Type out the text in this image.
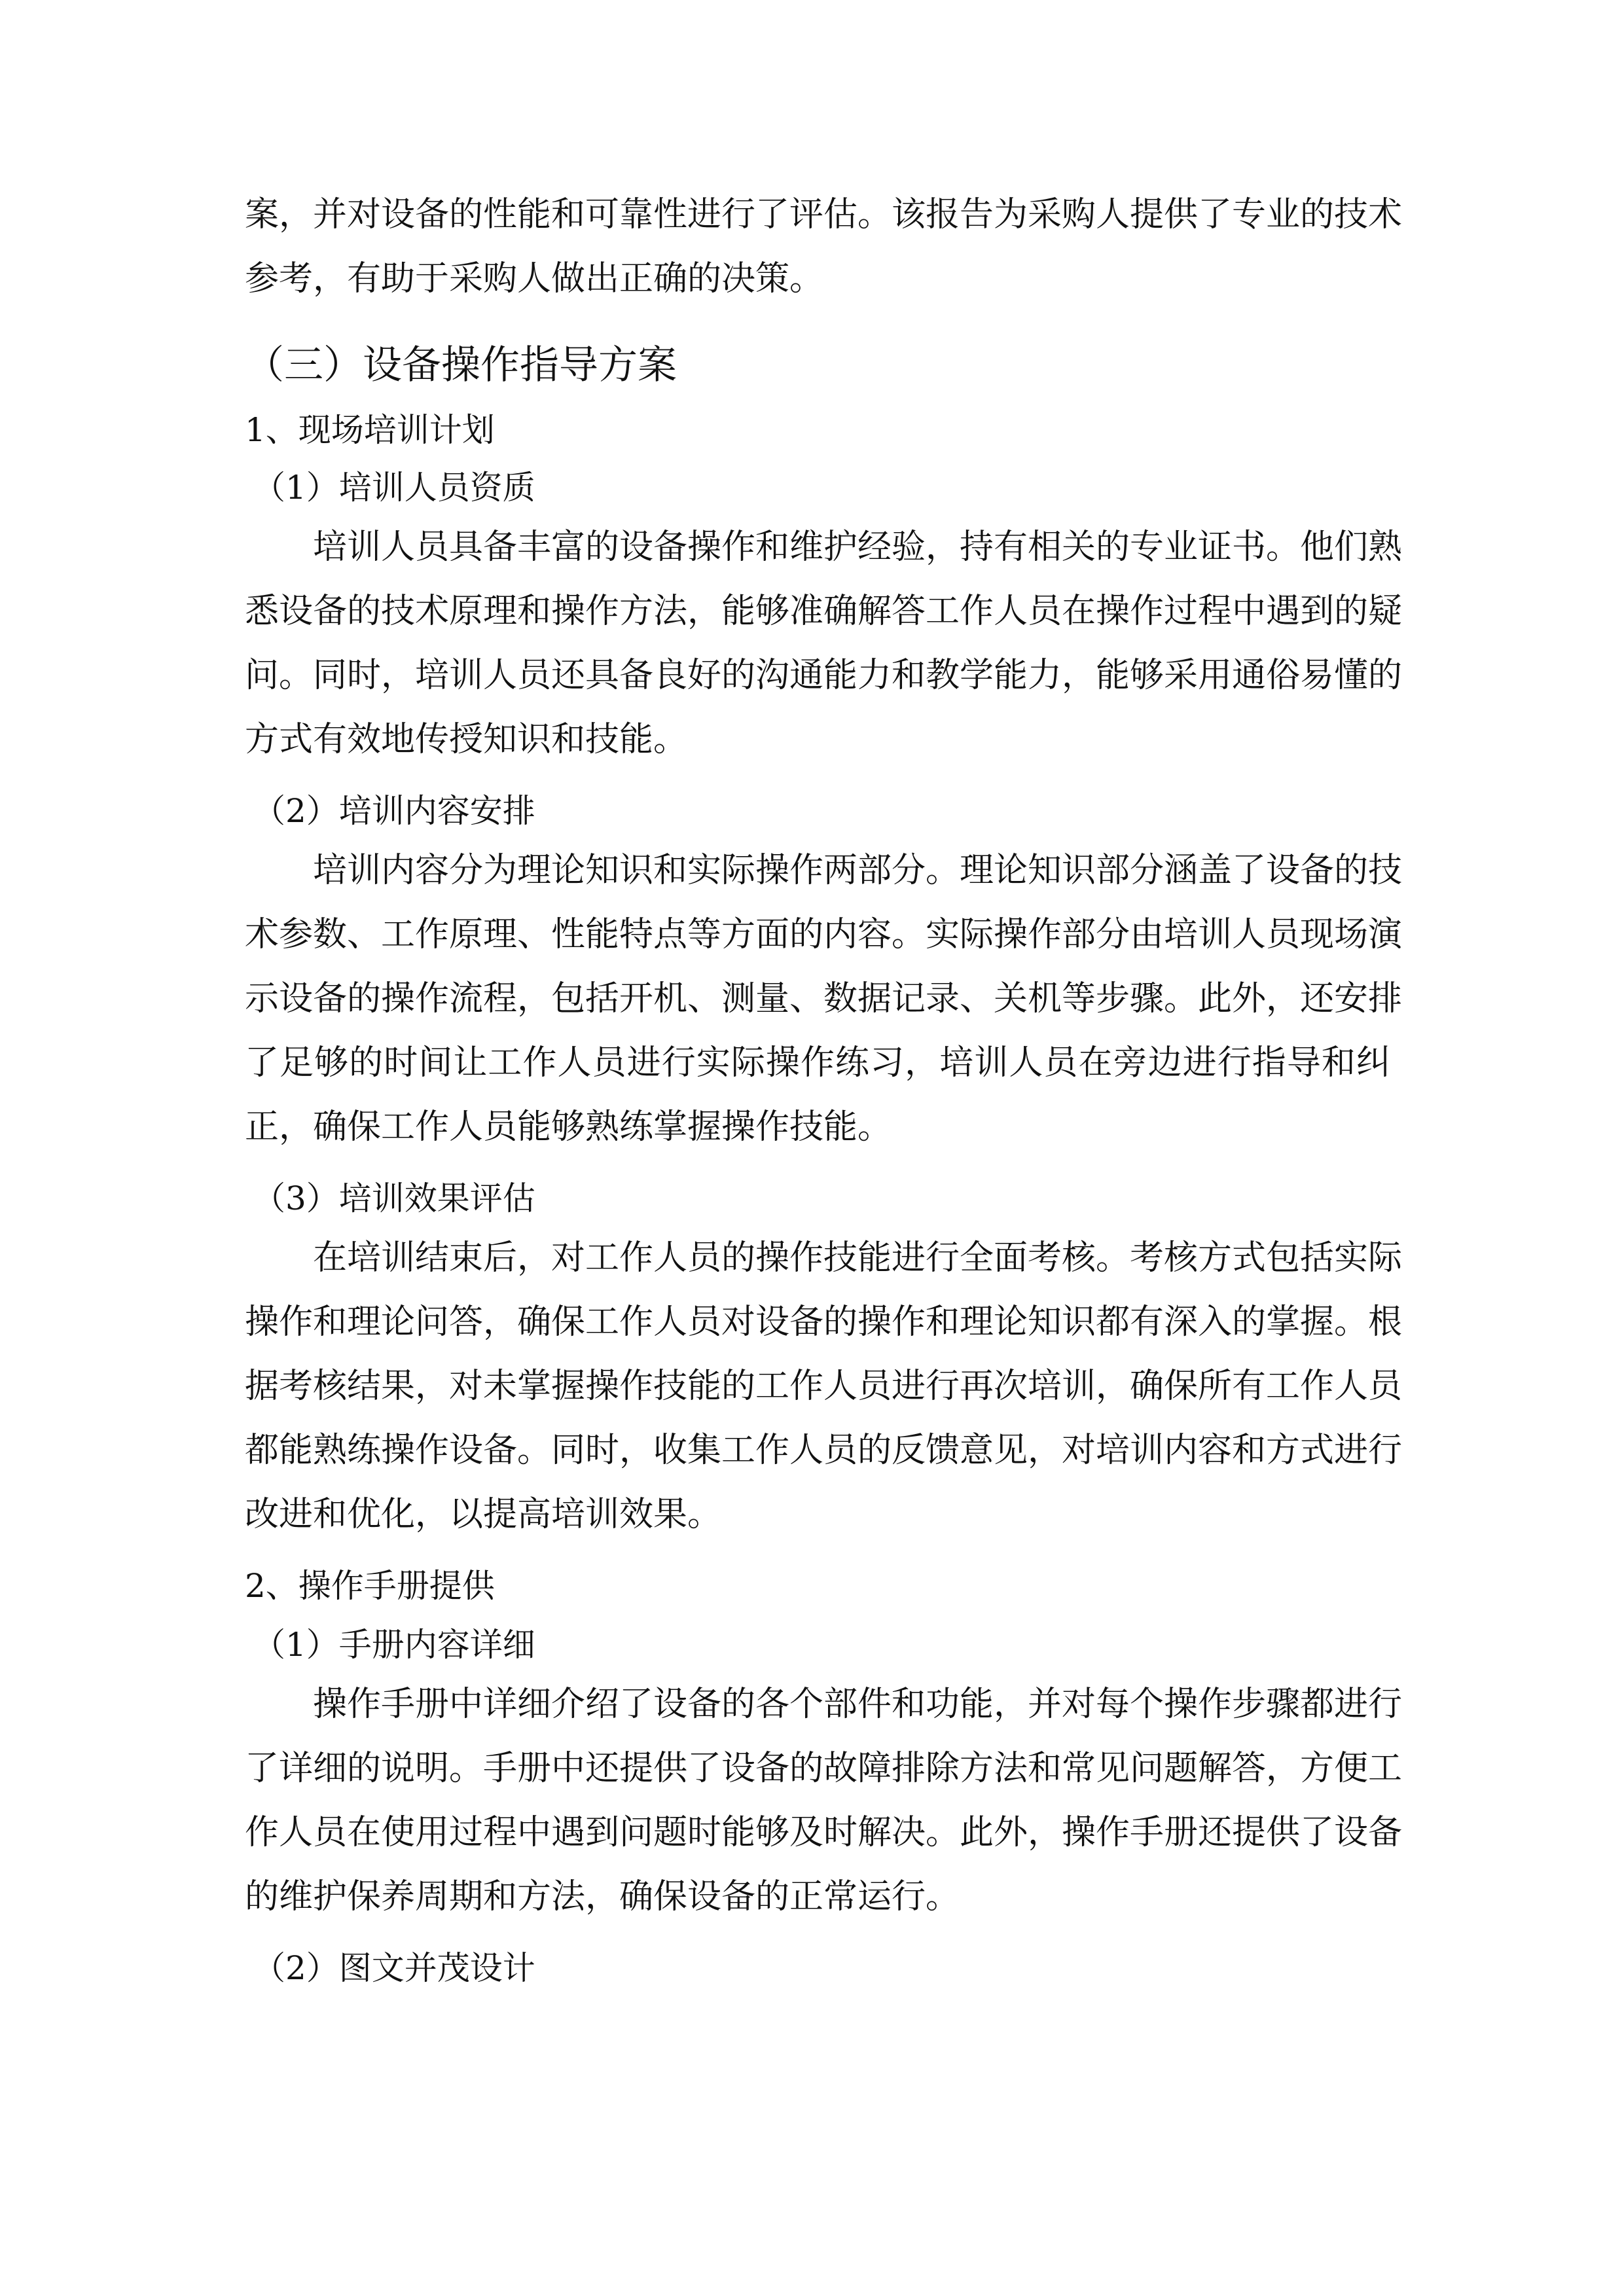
案，并对设备的性能和可靠性进行了评估。该报告为采购人提供了专业的技术
参考，有助于采购人做出正确的决策。
（三）设备操作指导方案
1、现场培训计划
（1）培训人员资质
培训人员具备丰富的设备操作和维护经验，持有相关的专业证书。他们熟
悉设备的技术原理和操作方法，能够准确解答工作人员在操作过程中遇到的疑
问。同时，培训人员还具备良好的沟通能力和教学能力，能够采用通俗易懂的
方式有效地传授知识和技能。
（2）培训内容安排
培训内容分为理论知识和实际操作两部分。理论知识部分涵盖了设备的技
术参数、工作原理、性能特点等方面的内容。实际操作部分由培训人员现场演
示设备的操作流程，包括开机、测量、数据记录、关机等步骤。此外，还安排
了足够的时间让工作人员进行实际操作练习，培训人员在旁边进行指导和纠
正，确保工作人员能够熟练掌握操作技能。
（3）培训效果评估
在培训结束后，对工作人员的操作技能进行全面考核。考核方式包括实际
操作和理论问答，确保工作人员对设备的操作和理论知识都有深入的掌握。根
据考核结果，对未掌握操作技能的工作人员进行再次培训，确保所有工作人员
都能熟练操作设备。同时，收集工作人员的反馈意见，对培训内容和方式进行
改进和优化，以提高培训效果。
2、操作手册提供
（1）手册内容详细
操作手册中详细介绍了设备的各个部件和功能，并对每个操作步骤都进行
了详细的说明。手册中还提供了设备的故障排除方法和常见问题解答，方便工
作人员在使用过程中遇到问题时能够及时解决。此外，操作手册还提供了设备
的维护保养周期和方法，确保设备的正常运行。
（2）图文并茂设计
